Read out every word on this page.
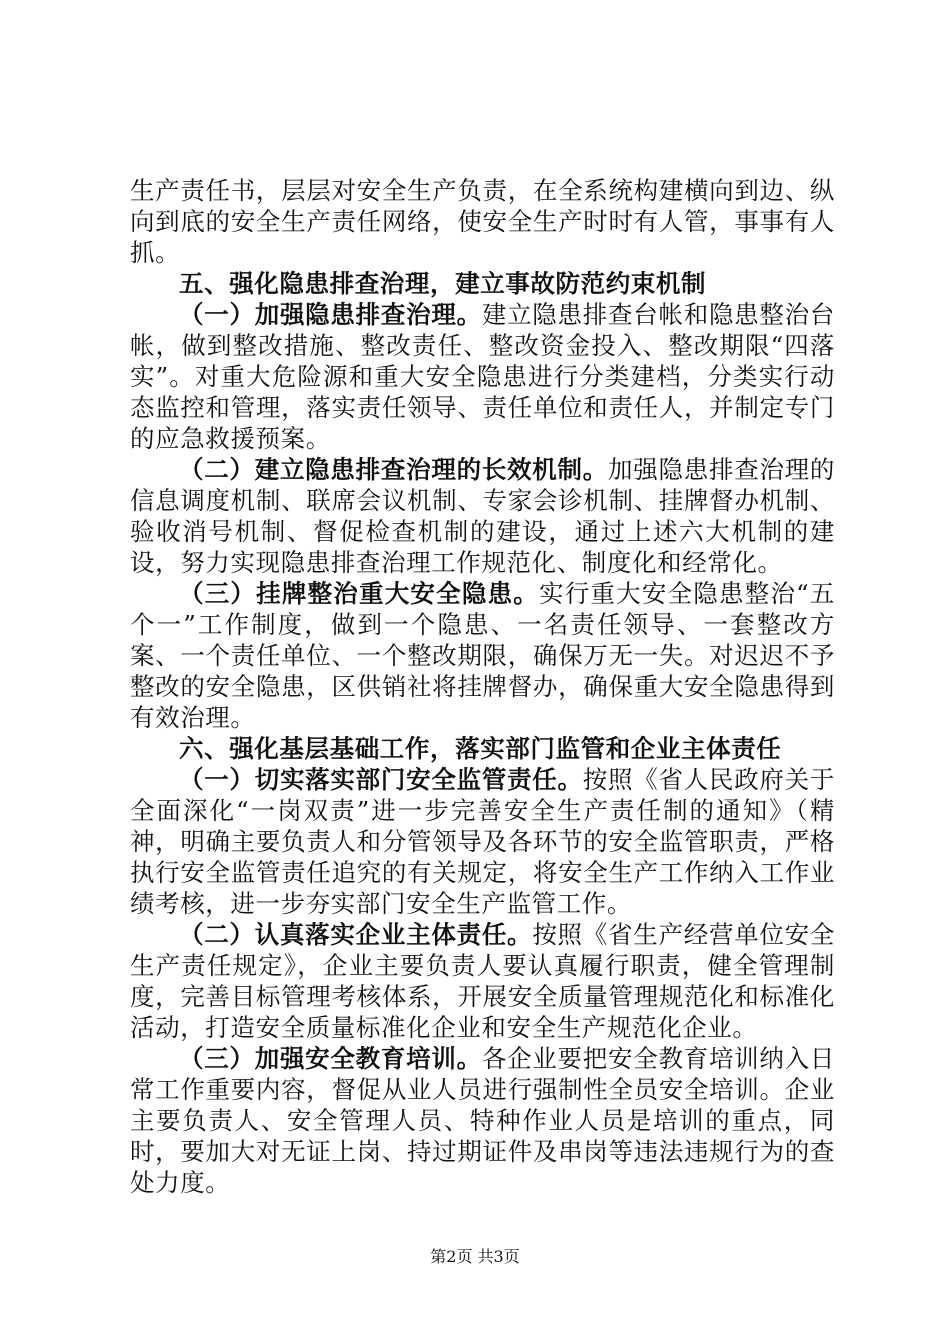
生产责任书，层层对安全生产负责，在全系统构建横向到边、纵向到底的安全生产责任网络，使安全生产时时有人管，事事有人抓。

五、强化隐患排查治理，建立事故防范约束机制

（一）加强隐患排查治理。建立隐患排查台帐和隐患整治台帐，做到整改措施、整改责任、整改资金投入、整改期限“四落实”。对重大危险源和重大安全隐患进行分类建档，分类实行动态监控和管理，落实责任领导、责任单位和责任人，并制定专门的应急救援预案。

（二）建立隐患排查治理的长效机制。加强隐患排查治理的信息调度机制、联席会议机制、专家会诊机制、挂牌督办机制、验收消号机制、督促检查机制的建设，通过上述六大机制的建设，努力实现隐患排查治理工作规范化、制度化和经常化。

（三）挂牌整治重大安全隐患。实行重大安全隐患整治“五个一”工作制度，做到一个隐患、一名责任领导、一套整改方案、一个责任单位、一个整改期限，确保万无一失。对迟迟不予整改的安全隐患，区供销社将挂牌督办，确保重大安全隐患得到有效治理。

六、强化基层基础工作，落实部门监管和企业主体责任

（一）切实落实部门安全监管责任。按照《省人民政府关于全面深化“一岗双责”进一步完善安全生产责任制的通知》（精神，明确主要负责人和分管领导及各环节的安全监管职责，严格执行安全监管责任追究的有关规定，将安全生产工作纳入工作业绩考核，进一步夯实部门安全生产监管工作。

（二）认真落实企业主体责任。按照《省生产经营单位安全生产责任规定》，企业主要负责人要认真履行职责，健全管理制度，完善目标管理考核体系，开展安全质量管理规范化和标准化活动，打造安全质量标准化企业和安全生产规范化企业。

（三）加强安全教育培训。各企业要把安全教育培训纳入日常工作重要内容，督促从业人员进行强制性全员安全培训。企业主要负责人、安全管理人员、特种作业人员是培训的重点，同时，要加大对无证上岗、持过期证件及串岗等违法违规行为的查处力度。

第2页 共3页
